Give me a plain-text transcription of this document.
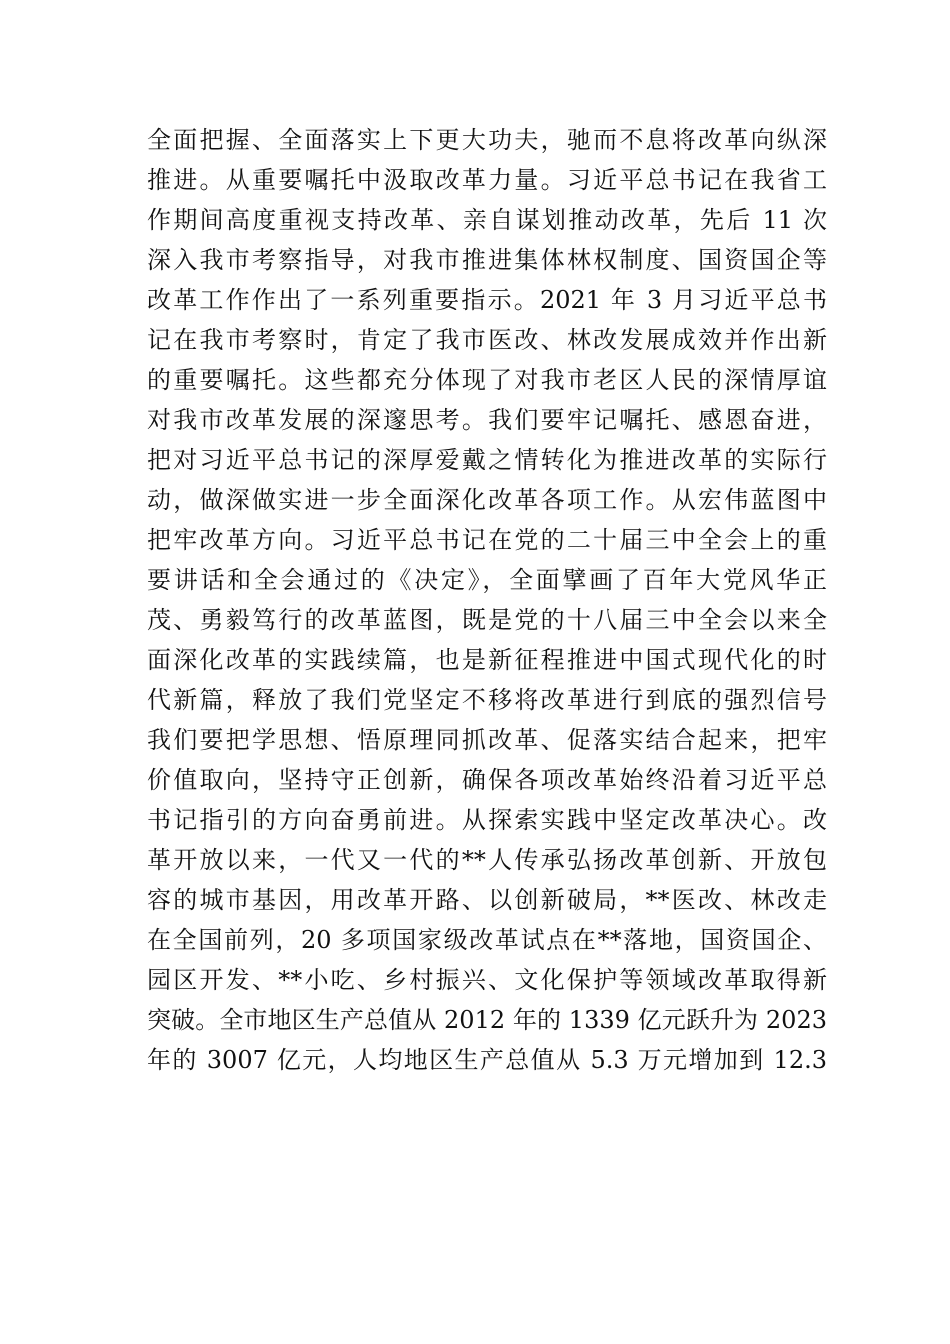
全面把握、全面落实上下更大功夫，驰而不息将改革向纵深
推进。从重要嘱托中汲取改革力量。习近平总书记在我省工
作期间高度重视支持改革、亲自谋划推动改革，先后 11 次
深入我市考察指导，对我市推进集体林权制度、国资国企等
改革工作作出了一系列重要指示。2021 年 3 月习近平总书
记在我市考察时，肯定了我市医改、林改发展成效并作出新
的重要嘱托。这些都充分体现了对我市老区人民的深情厚谊
对我市改革发展的深邃思考。我们要牢记嘱托、感恩奋进，
把对习近平总书记的深厚爱戴之情转化为推进改革的实际行
动，做深做实进一步全面深化改革各项工作。从宏伟蓝图中
把牢改革方向。习近平总书记在党的二十届三中全会上的重
要讲话和全会通过的《决定》，全面擘画了百年大党风华正
茂、勇毅笃行的改革蓝图，既是党的十八届三中全会以来全
面深化改革的实践续篇，也是新征程推进中国式现代化的时
代新篇，释放了我们党坚定不移将改革进行到底的强烈信号
我们要把学思想、悟原理同抓改革、促落实结合起来，把牢
价值取向，坚持守正创新，确保各项改革始终沿着习近平总
书记指引的方向奋勇前进。从探索实践中坚定改革决心。改
革开放以来，一代又一代的**人传承弘扬改革创新、开放包
容的城市基因，用改革开路、以创新破局，**医改、林改走
在全国前列，20 多项国家级改革试点在**落地，国资国企、
园区开发、**小吃、乡村振兴、文化保护等领域改革取得新
突破。全市地区生产总值从 2012 年的 1339 亿元跃升为 2023
年的 3007 亿元，人均地区生产总值从 5.3 万元增加到 12.3
